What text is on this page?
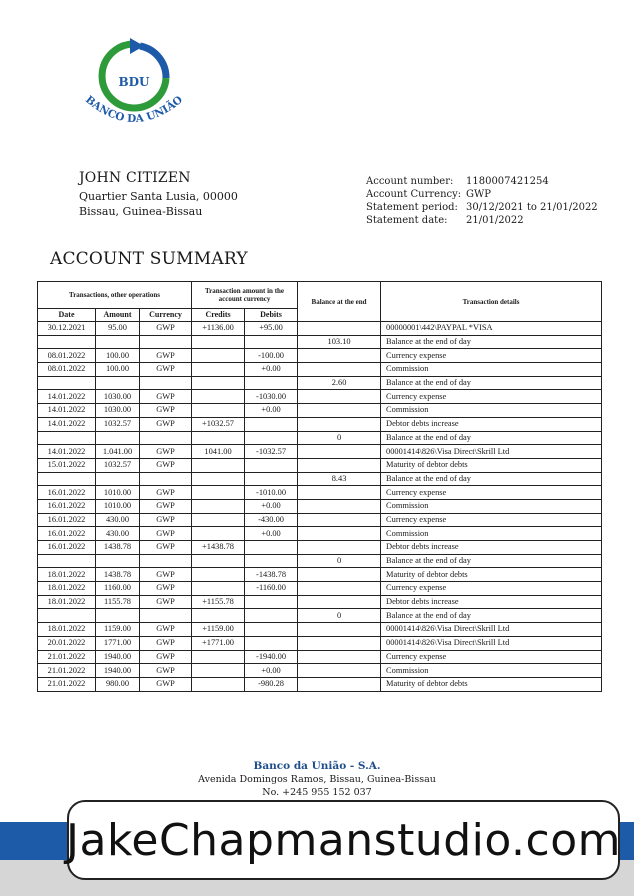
BDU
BANCO DA UNIÃO
JOHN CITIZEN
Quartier Santa Lusia, 00000
Bissau, Guinea-Bissau
Account number:	1180007421254
Account Currency: GWP
Statement period: 30/12/2021 to 21/01/2022
Statement date:	21/01/2022
ACCOUNT SUMMARY
Transactions, other operations			Transaction amount in the account currency		Balance at the end	Transaction details
Date	Amount	Currency	Credits	Debits		
30.12.2021	95.00	GWP	+1136.00	+95.00		00000001\442\PAYPAL *VISA
					103.10	Balance at the end of day
08.01.2022	100.00	GWP		-100.00		Currency expense
08.01.2022	100.00	GWP		+0.00		Commission
					2.60	Balance at the end of day
14.01.2022	1030.00	GWP		-1030.00		Currency expense
14.01.2022	1030.00	GWP		+0.00		Commission
14.01.2022	1032.57	GWP	+1032.57			Debtor debts increase
					0	Balance at the end of day
14.01.2022	1.041.00	GWP	1041.00	-1032.57		00001414\826\Visa Direct\Skrill Ltd
15.01.2022	1032.57	GWP				Maturity of debtor debts
					8.43	Balance at the end of day
16.01.2022	1010.00	GWP		-1010.00		Currency expense
16.01.2022	1010.00	GWP		+0.00		Commission
16.01.2022	430.00	GWP		-430.00		Currency expense
16.01.2022	430.00	GWP		+0.00		Commission
16.01.2022	1438.78	GWP	+1438.78			Debtor debts increase
					0	Balance at the end of day
18.01.2022	1438.78	GWP		-1438.78		Maturity of debtor debts
18.01.2022	1160.00	GWP		-1160.00		Currency expense
18.01.2022	1155.78	GWP	+1155.78			Debtor debts increase
					0	Balance at the end of day
18.01.2022	1159.00	GWP	+1159.00			00001414\826\Visa Direct\Skrill Ltd
20.01.2022	1771.00	GWP	+1771.00			00001414\826\Visa Direct\Skrill Ltd
21.01.2022	1940.00	GWP		-1940.00		Currency expense
21.01.2022	1940.00	GWP		+0.00		Commission
21.01.2022	980.00	GWP		-980.28		Maturity of debtor debts
Banco da União - S.A.
Avenida Domingos Ramos, Bissau, Guinea-Bissau
No. +245 955 152 037
JakeChapmanstudio.com
